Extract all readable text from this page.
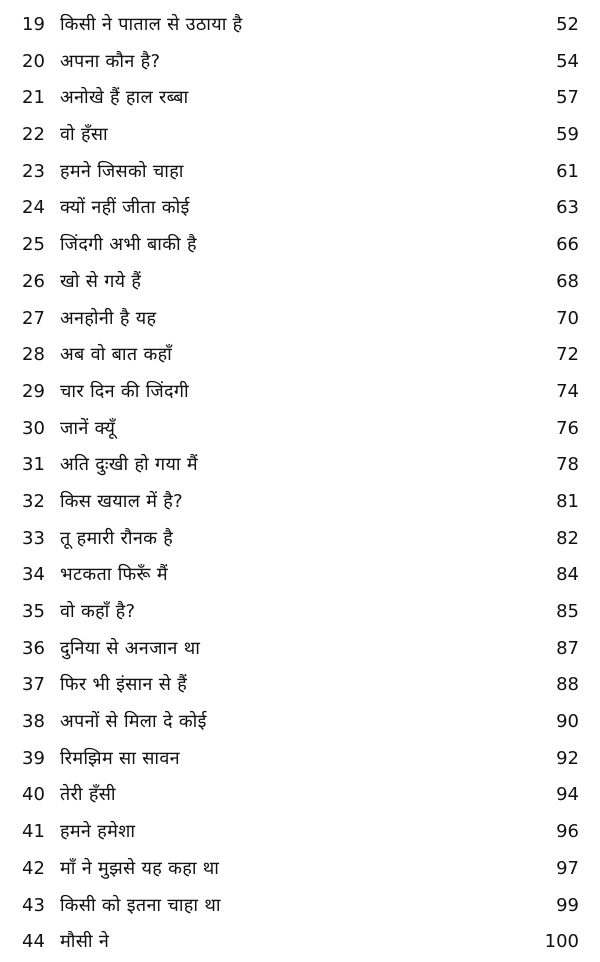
19 किसी ने पाताल से उठाया है	52
20 अपना कौन है?	54
21 अनोखे हैं हाल रब्बा	57
22 वो हँसा	59
23 हमने जिसको चाहा	61
24 क्यों नहीं जीता कोई	63
25 जिंदगी अभी बाकी है	66
26 खो से गये हैं	68
27 अनहोनी है यह	70
28 अब वो बात कहाँ	72
29 चार दिन की जिंदगी	74
30 जानें क्यूँ	76
31 अति दुःखी हो गया मैं	78
32 किस खयाल में है?	81
33 तू हमारी रौनक है	82
34 भटकता फिरूँ मैं	84
35 वो कहाँ है?	85
36 दुनिया से अनजान था	87
37 फिर भी इंसान से हैं	88
38 अपनों से मिला दे कोई	90
39 रिमझिम सा सावन	92
40 तेरी हँसी	94
41 हमने हमेशा	96
42 माँ ने मुझसे यह कहा था	97
43 किसी को इतना चाहा था	99
44 मौसी ने	100
